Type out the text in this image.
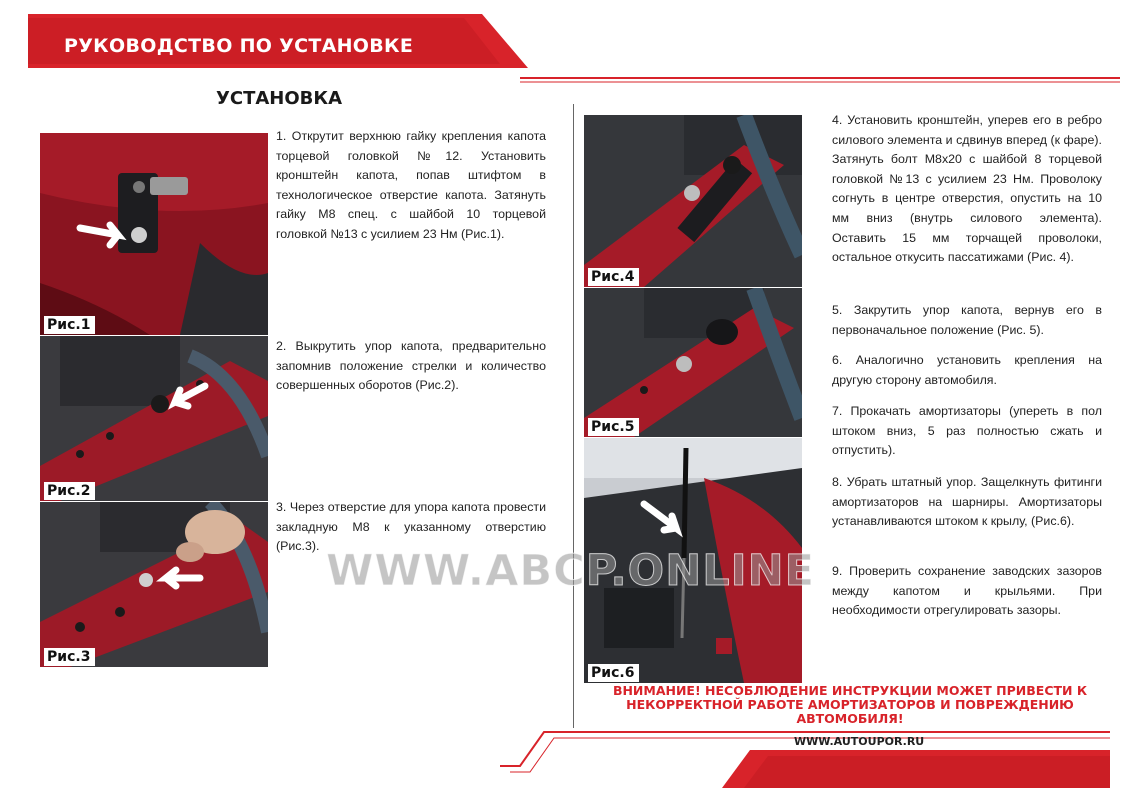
РУКОВОДСТВО ПО УСТАНОВКЕ
УСТАНОВКА
Рис.1
Рис.2
Рис.3
1. Открутит верхнюю гайку крепления капота торцевой головкой №12. Установить кронштейн капота, попав штифтом в технологическое отверстие капота. Затянуть гайку М8 спец. с шайбой 10 торцевой головкой №13 с усилием 23 Нм (Рис.1).
2. Выкрутить упор капота, предварительно запомнив положение стрелки и количество совершенных оборотов (Рис.2).
3. Через отверстие для упора капота провести закладную М8 к указанному отверстию (Рис.3).
Рис.4
Рис.5
Рис.6
4. Установить кронштейн, уперев его в ребро силового элемента и сдвинув вперед (к фаре). Затянуть болт М8х20 с шайбой 8 торцевой головкой №13 с усилием 23 Нм. Проволоку согнуть в центре отверстия, опустить на 10 мм вниз (внутрь силового элемента). Оставить 15 мм торчащей проволоки, остальное откусить пассатижами (Рис. 4).
5. Закрутить упор капота, вернув его в первоначальное положение (Рис. 5).
6. Аналогично установить крепления на другую сторону автомобиля.
7. Прокачать амортизаторы (упереть в пол штоком вниз, 5 раз полностью сжать и отпустить).
8. Убрать штатный упор. Защелкнуть фитинги амортизаторов на шарниры. Амортизаторы устанавливаются штоком к крылу, (Рис.6).
9. Проверить сохранение заводских зазоров между капотом и крыльями. При необходимости отрегулировать зазоры.
ВНИМАНИЕ! НЕСОБЛЮДЕНИЕ ИНСТРУКЦИИ МОЖЕТ ПРИВЕСТИ К НЕКОРРЕКТНОЙ РАБОТЕ АМОРТИЗАТОРОВ И ПОВРЕЖДЕНИЮ АВТОМОБИЛЯ!
WWW.AUTOUPOR.RU
WWW.ABCP.ONLINE
